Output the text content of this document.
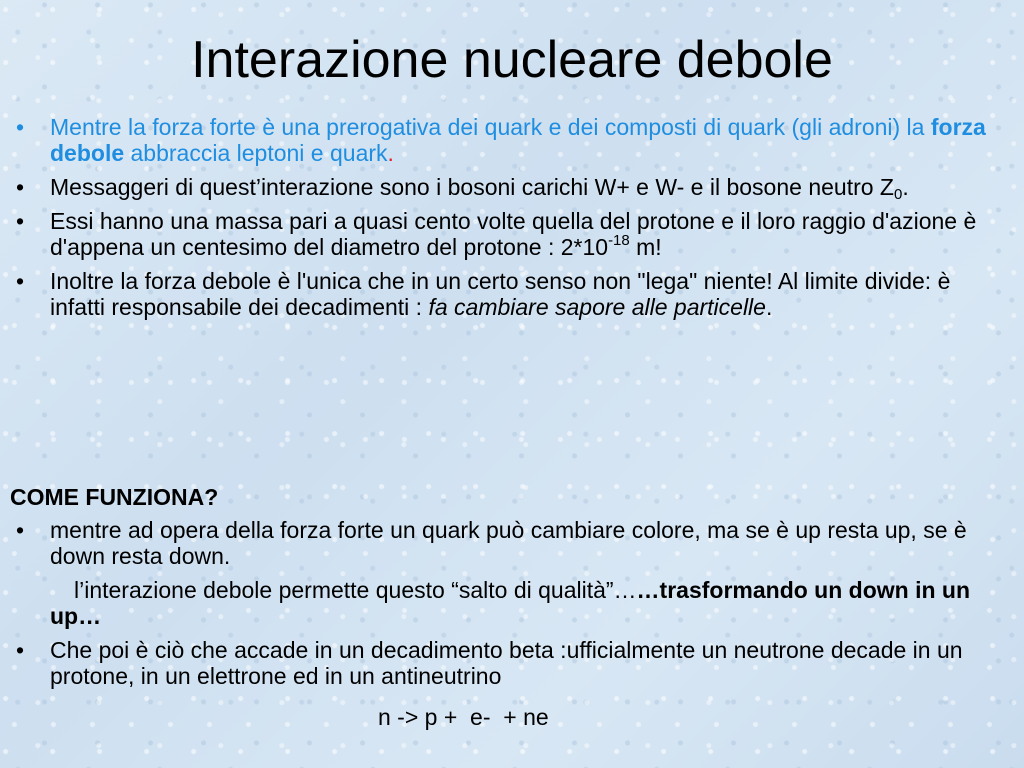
Interazione nucleare debole
• Mentre la forza forte è una prerogativa dei quark e dei composti di quark (gli adroni) la forza debole abbraccia leptoni e quark.
• Messaggeri di quest’interazione sono i bosoni carichi W+ e W- e il bosone neutro $Z_0$.
• Essi hanno una massa pari a quasi cento volte quella del protone e il loro raggio d'azione è d'appena un centesimo del diametro del protone : $2*10^{-18}$ m!
• Inoltre la forza debole è l'unica che in un certo senso non "lega" niente! Al limite divide: è infatti responsabile dei decadimenti : fa cambiare sapore alle particelle.
COME FUNZIONA?
• mentre ad opera della forza forte un quark può cambiare colore, ma se è up resta up, se è down resta down.
l’interazione debole permette questo “salto di qualità”……trasformando un down in un up…
• Che poi è ciò che accade in un decadimento beta :ufficialmente un neutrone decade in un protone, in un elettrone ed in un antineutrino
n -> p +  e-  + ne
